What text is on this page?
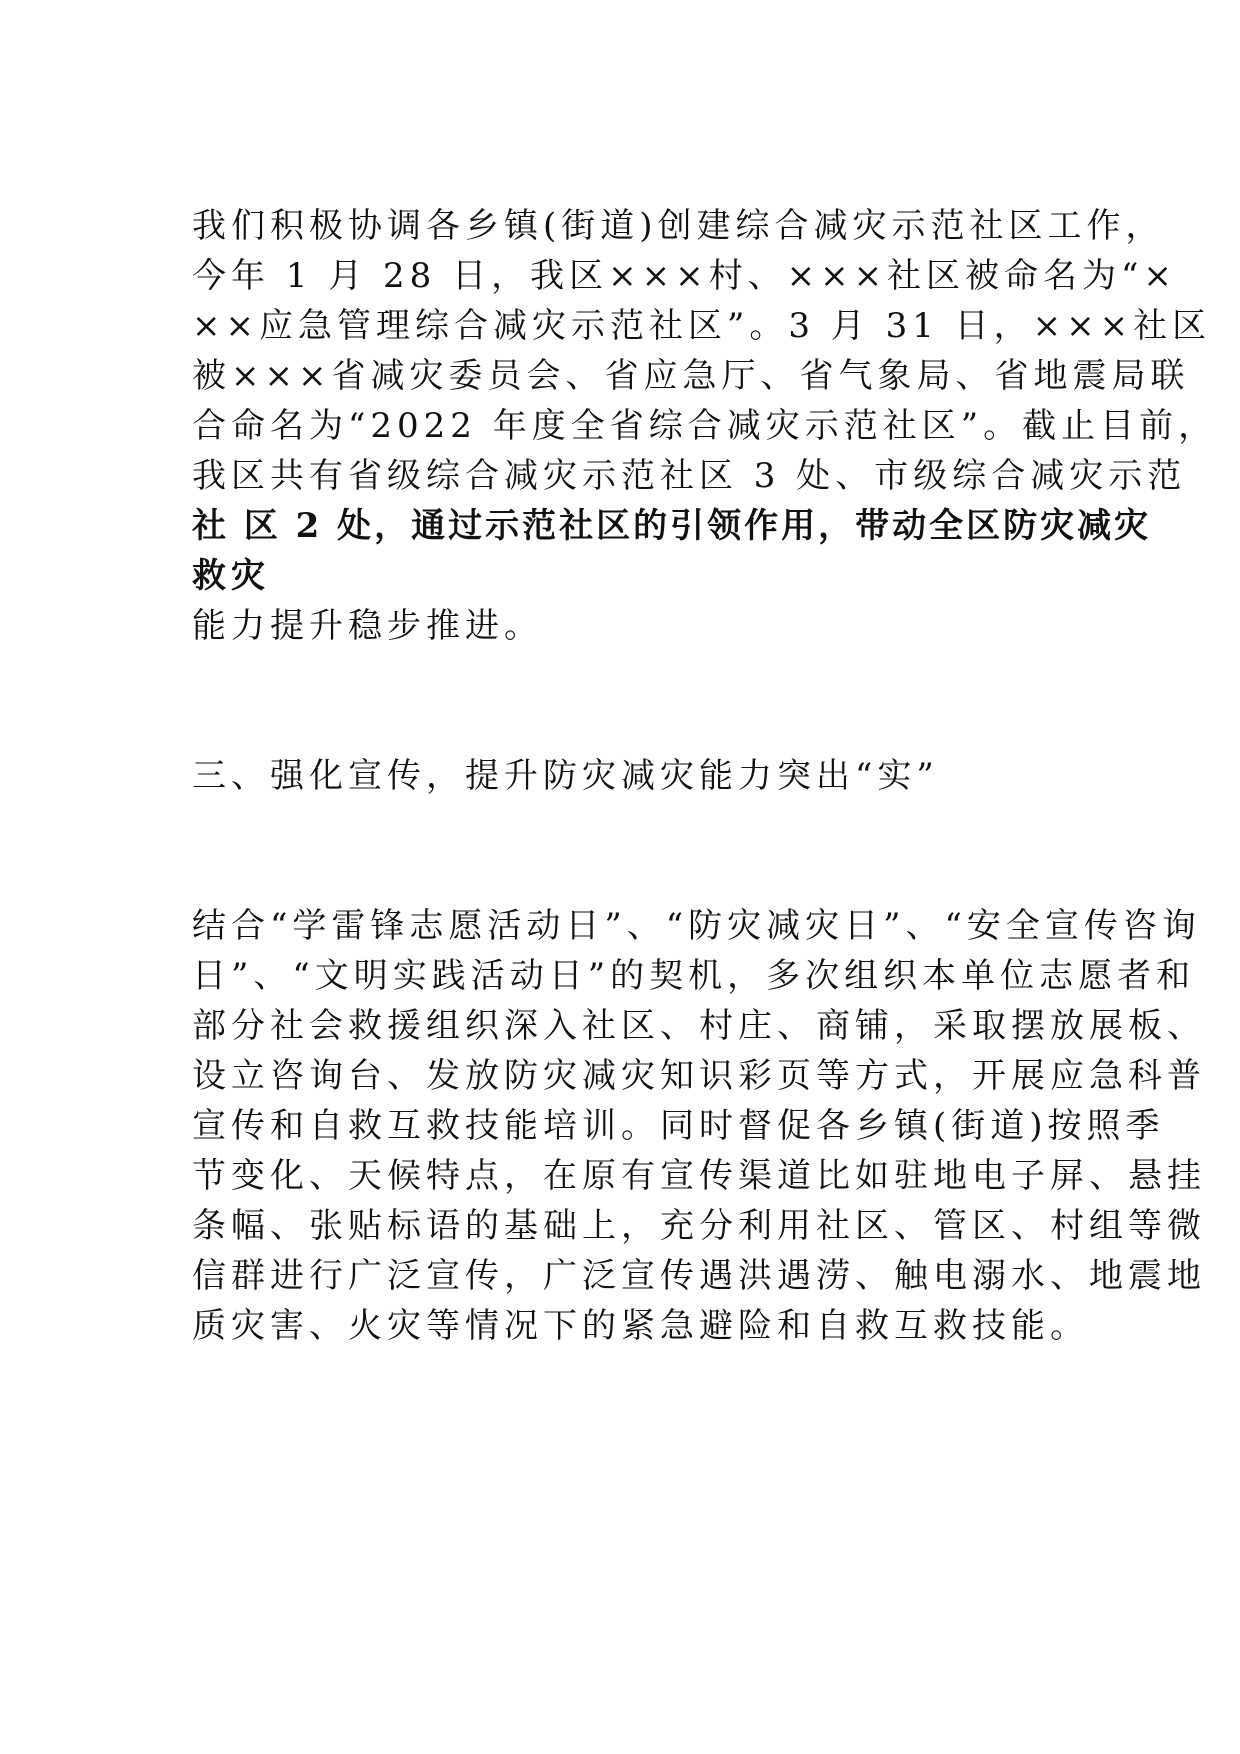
我们积极协调各乡镇(街道)创建综合减灾示范社区工作，
今年 1 月 28 日，我区×××村、×××社区被命名为“×
××应急管理综合减灾示范社区”。3 月 31 日，×××社区
被×××省减灾委员会、省应急厅、省气象局、省地震局联
合命名为“2022 年度全省综合减灾示范社区”。截止目前，
我区共有省级综合减灾示范社区 3 处、市级综合减灾示范
社 区 2 处，通过示范社区的引领作用，带动全区防灾减灾
救灾
能力提升稳步推进。
三、强化宣传，提升防灾减灾能力突出“实”
结合“学雷锋志愿活动日”、“防灾减灾日”、“安全宣传咨询
日”、“文明实践活动日”的契机，多次组织本单位志愿者和
部分社会救援组织深入社区、村庄、商铺，采取摆放展板、
设立咨询台、发放防灾减灾知识彩页等方式，开展应急科普
宣传和自救互救技能培训。同时督促各乡镇(街道)按照季
节变化、天候特点，在原有宣传渠道比如驻地电子屏、悬挂
条幅、张贴标语的基础上，充分利用社区、管区、村组等微
信群进行广泛宣传，广泛宣传遇洪遇涝、触电溺水、地震地
质灾害、火灾等情况下的紧急避险和自救互救技能。
